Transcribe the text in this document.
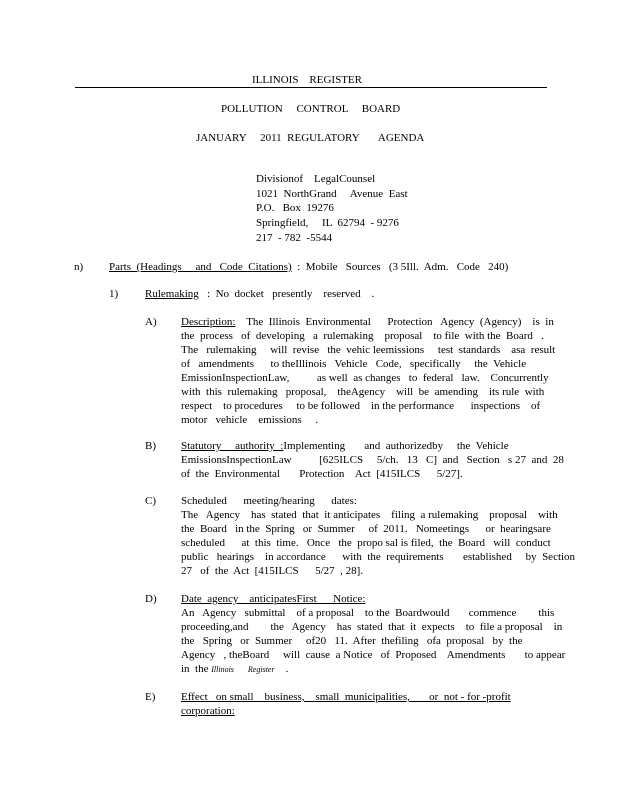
ILLINOIS    REGISTER
POLLUTION     CONTROL     BOARD
JANUARY     2011  REGULATORY       AGENDA
Divisionof    LegalCounsel
1021  NorthGrand     Avenue  East
P.O.   Box  19276
Springfield,     IL  62794  - 9276
217  - 782  -5544
n) Parts  (Headings     and   Code  Citations)  :  Mobile   Sources   (3 5Ill.  Adm.   Code   240)
1) Rulemaking   :  No  docket   presently    reserved    .
A) Description:    The  Illinois  Environmental      Protection   Agency  (Agency)    is  in
the  process   of  developing   a  rulemaking    proposal    to file  with the  Board   .
The   rulemaking     will  revise   the  vehic leemissions     test  standards    asa  result
of   amendments      to theIllinois   Vehicle   Code,   specifically     the  Vehicle
EmissionInspectionLaw,          as well  as changes   to  federal   law.    Concurrently
with  this  rulemaking   proposal,    theAgency    will  be  amending    its rule  with
respect    to procedures     to be followed    in the performance      inspections    of
motor   vehicle    emissions     .
B) Statutory     authority  :Implementing       and  authorizedby     the  Vehicle
EmissionsInspectionLaw          [625ILCS     5/ch.   13   C]  and   Section   s 27  and  28
of  the  Environmental       Protection    Act  [415ILCS      5/27].
C) Scheduled      meeting/hearing      dates:
The   Agency    has  stated  that  it anticipates    filing  a rulemaking    proposal    with
the  Board   in the  Spring   or  Summer     of  2011.   Nomeetings      or  hearingsare
scheduled      at  this  time.   Once   the  propo sal is filed,  the  Board   will  conduct
public   hearings    in accordance      with  the  requirements       established     by  Section
27   of  the  Act  [415ILCS      5/27  , 28].
D) Date  agency    anticipatesFirst      Notice:
An   Agency   submittal    of a proposal    to the  Boardwould       commence        this
proceeding,and        the   Agency    has  stated  that  it  expects    to  file a proposal    in
the   Spring   or  Summer     of20   11.  After  thefiling   ofa  proposal   by  the
Agency   , theBoard     will  cause  a Notice   of  Proposed    Amendments       to appear
in  the Illinois Register    .
E) Effect   on small    business,    small  municipalities,       or  not - for -profit
corporation:
